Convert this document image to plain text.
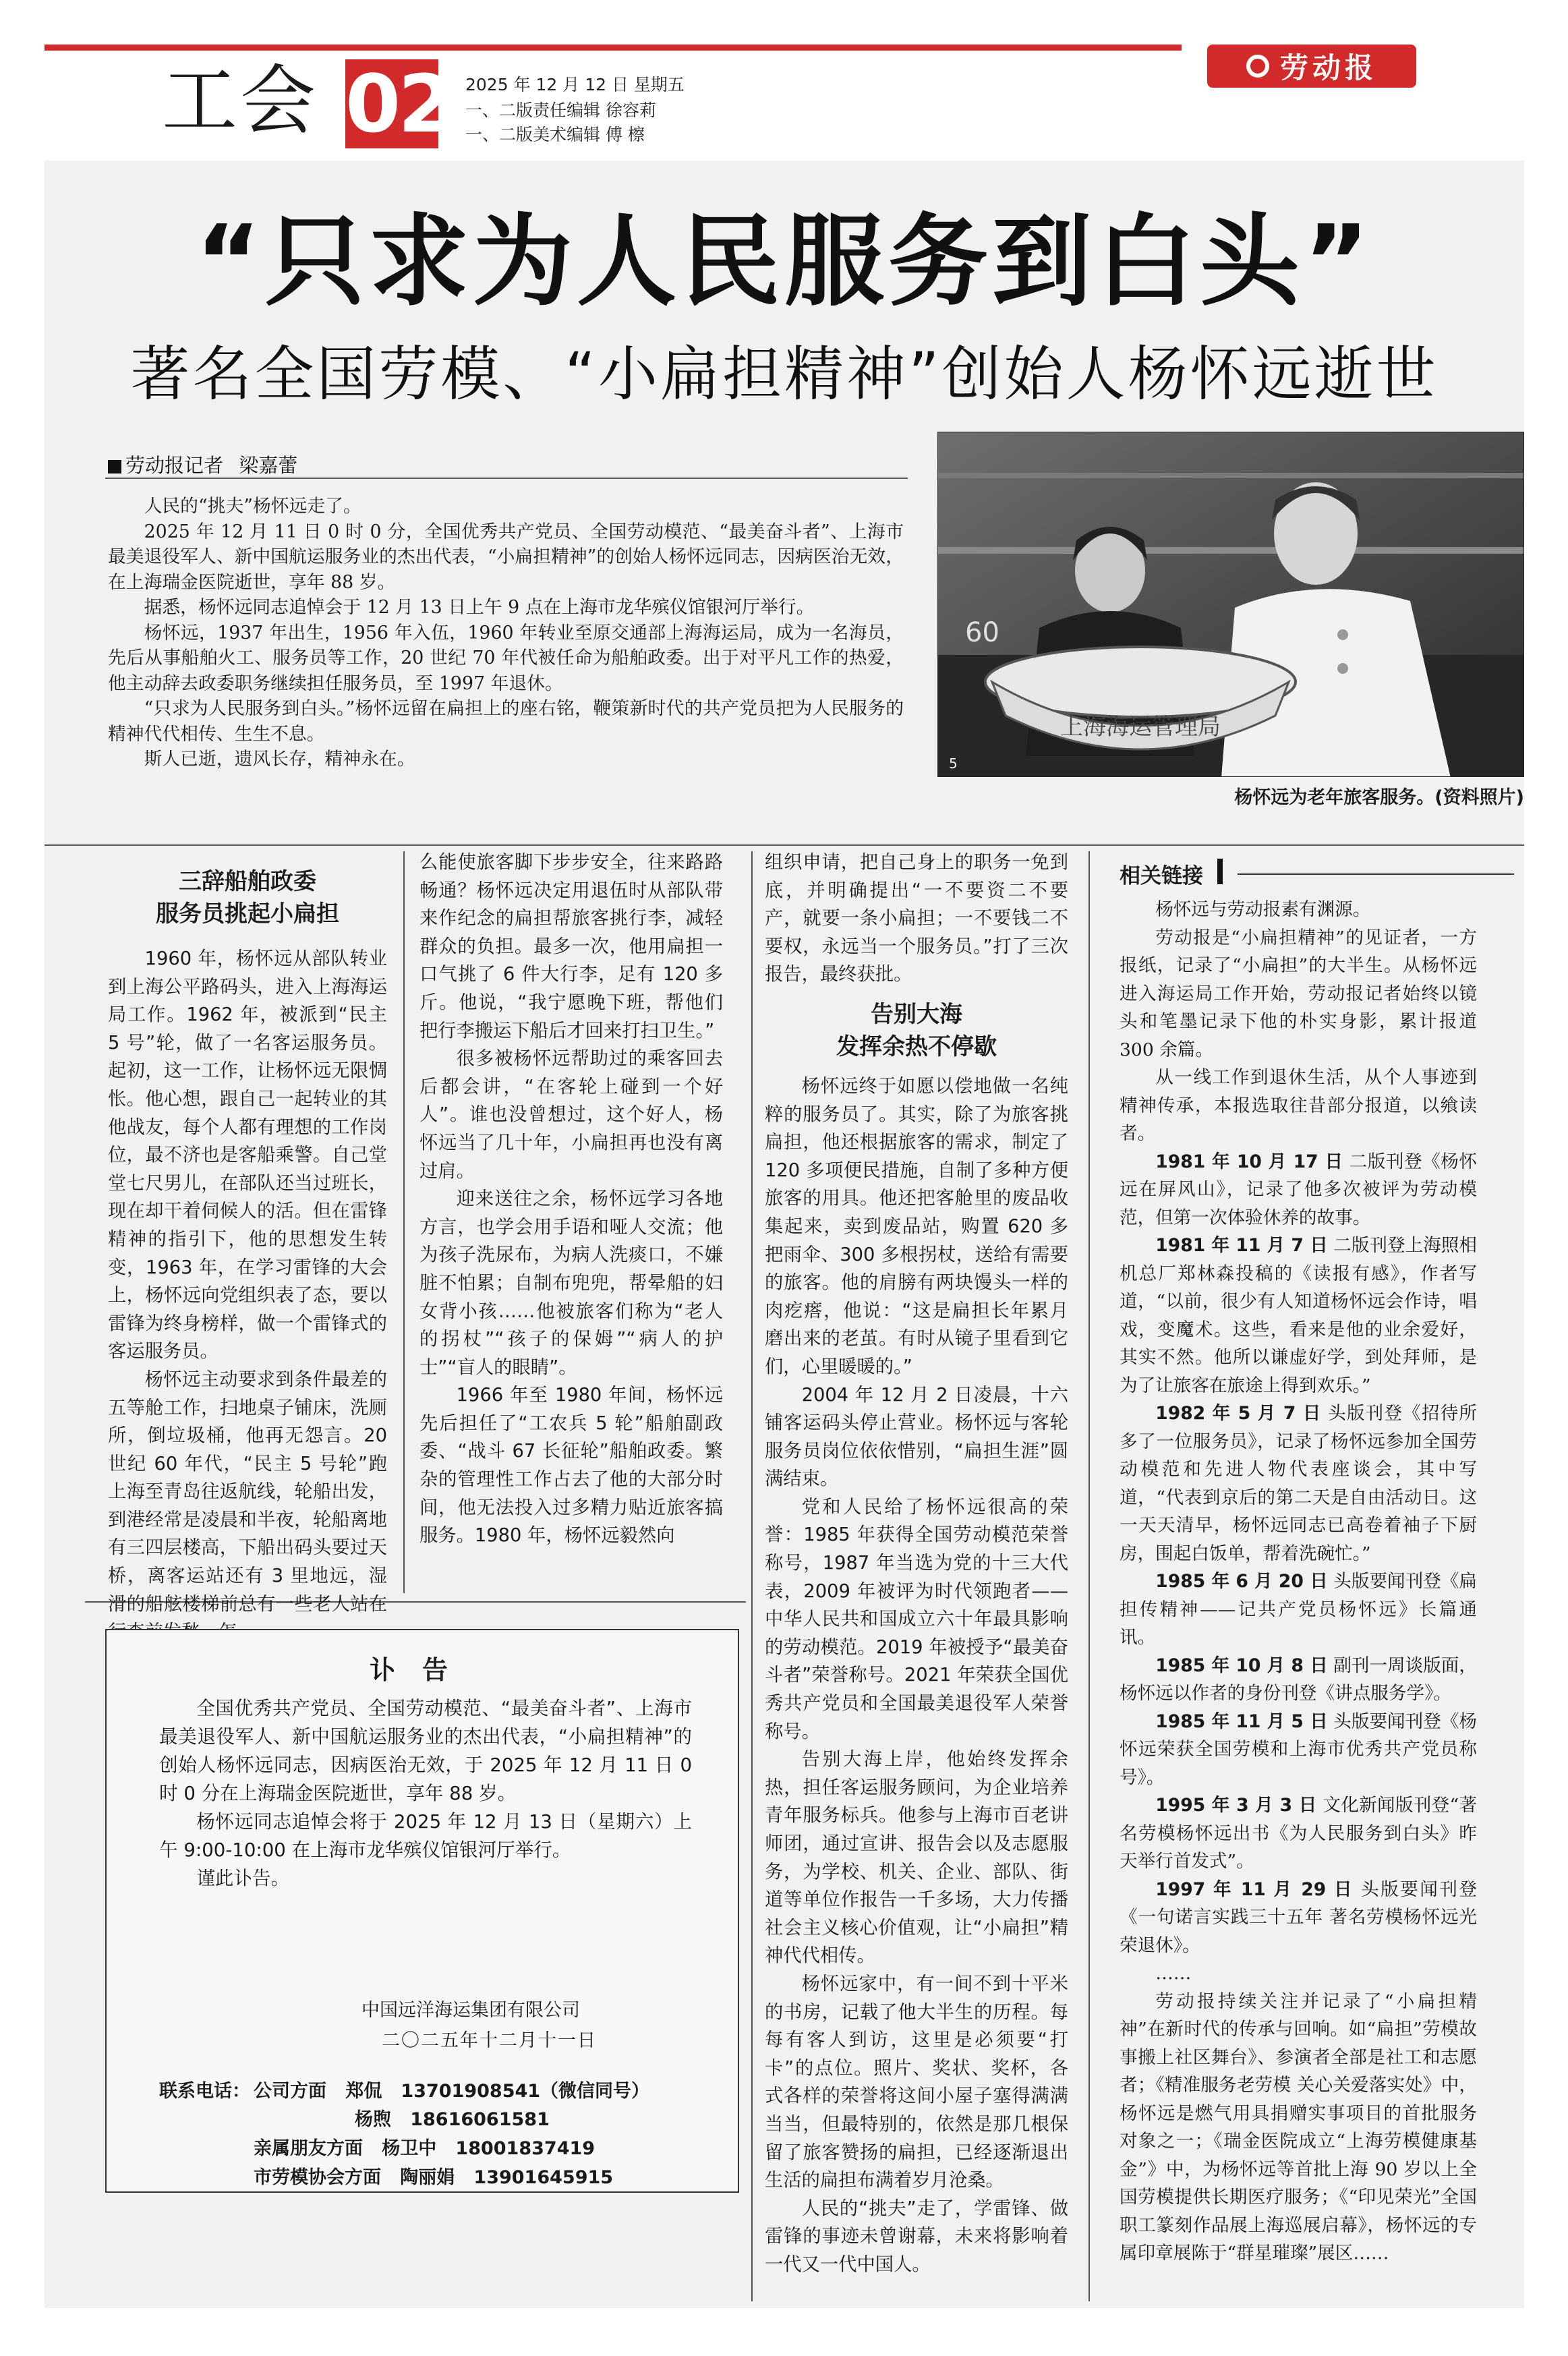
劳动报
工会 02 2025 年 12 月 12 日 星期五
一、二版责任编辑 徐容莉
一、二版美术编辑 傅 檫
“只求为人民服务到白头”
著名全国劳模、“小扁担精神”创始人杨怀远逝世
劳动报记者 梁嘉蕾

人民的“挑夫”杨怀远走了。

2025 年 12 月 11 日 0 时 0 分，全国优秀共产党员、全国劳动模范、“最美奋斗者”、上海市最美退役军人、新中国航运服务业的杰出代表，“小扁担精神”的创始人杨怀远同志，因病医治无效，在上海瑞金医院逝世，享年 88 岁。

据悉，杨怀远同志追悼会于 12 月 13 日上午 9 点在上海市龙华殡仪馆银河厅举行。

杨怀远，1937 年出生，1956 年入伍，1960 年转业至原交通部上海海运局，成为一名海员，先后从事船舶火工、服务员等工作，20 世纪 70 年代被任命为船舶政委。出于对平凡工作的热爱，他主动辞去政委职务继续担任服务员，至 1997 年退休。

“只求为人民服务到白头。”杨怀远留在扁担上的座右铭，鞭策新时代的共产党员把为人民服务的精神代代相传、生生不息。

斯人已逝，遗风长存，精神永在。

上海海运管理局
60
5
杨怀远为老年旅客服务。(资料照片)

三辞船舶政委

服务员挑起小扁担

1960 年，杨怀远从部队转业到上海公平路码头，进入上海海运局工作。1962 年，被派到“民主 5 号”轮，做了一名客运服务员。起初，这一工作，让杨怀远无限惆怅。他心想，跟自己一起转业的其他战友，每个人都有理想的工作岗位，最不济也是客船乘警。自己堂堂七尺男儿，在部队还当过班长，现在却干着伺候人的活。但在雷锋精神的指引下，他的思想发生转变，1963 年，在学习雷锋的大会上，杨怀远向党组织表了态，要以雷锋为终身榜样，做一个雷锋式的客运服务员。

杨怀远主动要求到条件最差的五等舱工作，扫地桌子铺床，洗厕所，倒垃圾桶，他再无怨言。20 世纪 60 年代，“民主 5 号轮”跑上海至青岛往返航线，轮船出发，到港经常是凌晨和半夜，轮船离地有三四层楼高，下船出码头要过天桥，离客运站还有 3 里地远，湿滑的船舷楼梯前总有一些老人站在

么能使旅客脚下步步安全，往来路路畅通？杨怀远决定用退伍时从部队带来作纪念的扁担帮旅客挑行李，减轻群众的负担。最多一次，他用扁担一口气挑了 6 件大行李，足有 120 多斤。他说，“我宁愿晚下班，帮他们把行李搬运下船后才回来打扫卫生。”

很多被杨怀远帮助过的乘客回去后都会讲，“在客轮上碰到一个好人”。谁也没曾想过，这个好人，杨怀远当了几十年，小扁担再也没有离过肩。

迎来送往之余，杨怀远学习各地方言，也学会用手语和哑人交流；他为孩子洗尿布，为病人洗痰口，不嫌脏不怕累；自制布兜兜，帮晕船的妇女背小孩……他被旅客们称为“老人的拐杖”“孩子的保姆”“病人的护士”“盲人的眼睛”。

1966 年至 1980 年间，杨怀远先后担任了“工农兵 5 轮”船舶副政委、“战斗 67 长征轮”船舶政委。繁杂的管理性工作占去了他的大部分时间，他无法投入过多精力贴近旅客搞服务。1980 年，杨怀远毅然向

组织申请，把自己身上的职务一免到底，并明确提出“一不要资二不要产，就要一条小扁担；一不要钱二不要权，永远当一个服务员。”打了三次报告，最终获批。

告别大海

发挥余热不停歇

杨怀远终于如愿以偿地做一名纯粹的服务员了。其实，除了为旅客挑扁担，他还根据旅客的需求，制定了 120 多项便民措施，自制了多种方便旅客的用具。他还把客舱里的废品收集起来，卖到废品站，购置 620 多把雨伞、300 多根拐杖，送给有需要的旅客。他的肩膀有两块馒头一样的肉疙瘩，他说：“这是扁担长年累月磨出来的老茧。有时从镜子里看到它们，心里暖暖的。”

2004 年 12 月 2 日凌晨，十六铺客运码头停止营业。杨怀远与客轮服务员岗位依依惜别，“扁担生涯”圆满结束。

党和人民给了杨怀远很高的荣誉：1985 年获得全国劳动模范荣誉称号，1987 年当选为党的十三大代表，2009 年被评为时代领跑者——中华人民共和国成立六十年最具影响的劳动模范。2019 年被授予“最美奋斗者”荣誉称号。2021 年荣获全国优秀共产党员和全国最美退役军人荣誉称号。

告别大海上岸，他始终发挥余热，担任客运服务顾问，为企业培养青年服务标兵。他参与上海市百老讲师团，通过宣讲、报告会以及志愿服务，为学校、机关、企业、部队、街道等单位作报告一千多场，大力传播社会主义核心价值观，让“小扁担”精神代代相传。

杨怀远家中，有一间不到十平米的书房，记载了他大半生的历程。每每有客人到访，这里是必须要“打卡”的点位。照片、奖状、奖杯，各式各样的荣誉将这间小屋子塞得满满当当，但最特别的，依然是那几根保留了旅客赞扬的扁担，已经逐渐退出生活的扁担布满着岁月沧桑。

人民的“挑夫”走了，学雷锋、做雷锋的事迹未曾谢幕，未来将影响着一代又一代中国人。

相关链接

杨怀远与劳动报素有渊源。

劳动报是“小扁担精神”的见证者，一方报纸，记录了“小扁担”的大半生。从杨怀远进入海运局工作开始，劳动报记者始终以镜头和笔墨记录下他的朴实身影，累计报道 300 余篇。

从一线工作到退休生活，从个人事迹到精神传承，本报选取往昔部分报道，以飨读者。

1981 年 10 月 17 日 二版刊登《杨怀远在屏风山》，记录了他多次被评为劳动模范，但第一次体验休养的故事。

1981 年 11 月 7 日 二版刊登上海照相机总厂郑林森投稿的《读报有感》，作者写道，“以前，很少有人知道杨怀远会作诗，唱戏，变魔术。这些，看来是他的业余爱好，其实不然。他所以谦虚好学，到处拜师，是为了让旅客在旅途上得到欢乐。”

1982 年 5 月 7 日 头版刊登《招待所多了一位服务员》，记录了杨怀远参加全国劳动模范和先进人物代表座谈会，其中写道，“代表到京后的第二天是自由活动日。这一天天清早，杨怀远同志已高卷着袖子下厨房，围起白饭单，帮着洗碗忙。”

1985 年 6 月 20 日 头版要闻刊登《扁担传精神——记共产党员杨怀远》长篇通讯。

1985 年 10 月 8 日 副刊一周谈版面，杨怀远以作者的身份刊登《讲点服务学》。

1985 年 11 月 5 日 头版要闻刊登《杨怀远荣获全国劳模和上海市优秀共产党员称号》。

1995 年 3 月 3 日 文化新闻版刊登“著名劳模杨怀远出书《为人民服务到白头》昨天举行首发式”。

1997 年 11 月 29 日 头版要闻刊登《一句诺言实践三十五年 著名劳模杨怀远光荣退休》。

……

劳动报持续关注并记录了“小扁担精神”在新时代的传承与回响。如“扁担”劳模故事搬上社区舞台》、参演者全部是社工和志愿者；《精准服务老劳模 关心关爱落实处》中，杨怀远是燃气用具捐赠实事项目的首批服务对象之一；《瑞金医院成立“上海劳模健康基金”》中，为杨怀远等首批上海 90 岁以上全国劳模提供长期医疗服务；《“印见荣光”全国职工篆刻作品展上海巡展启幕》，杨怀远的专属印章展陈于“群星璀璨”展区……

讣告

全国优秀共产党员、全国劳动模范、“最美奋斗者”、上海市最美退役军人、新中国航运服务业的杰出代表，“小扁担精神”的创始人杨怀远同志，因病医治无效，于 2025 年 12 月 11 日 0 时 0 分在上海瑞金医院逝世，享年 88 岁。

杨怀远同志追悼会将于 2025 年 12 月 13 日（星期六）上午 9:00-10:00 在上海市龙华殡仪馆银河厅举行。

谨此讣告。

中国远洋海运集团有限公司
二〇二五年十二月十一日
联系电话： 公司方面 郑侃 13701908541（微信同号）
杨煦 18616061581
亲属朋友方面 杨卫中 18001837419
市劳模协会方面 陶丽娟 13901645915
